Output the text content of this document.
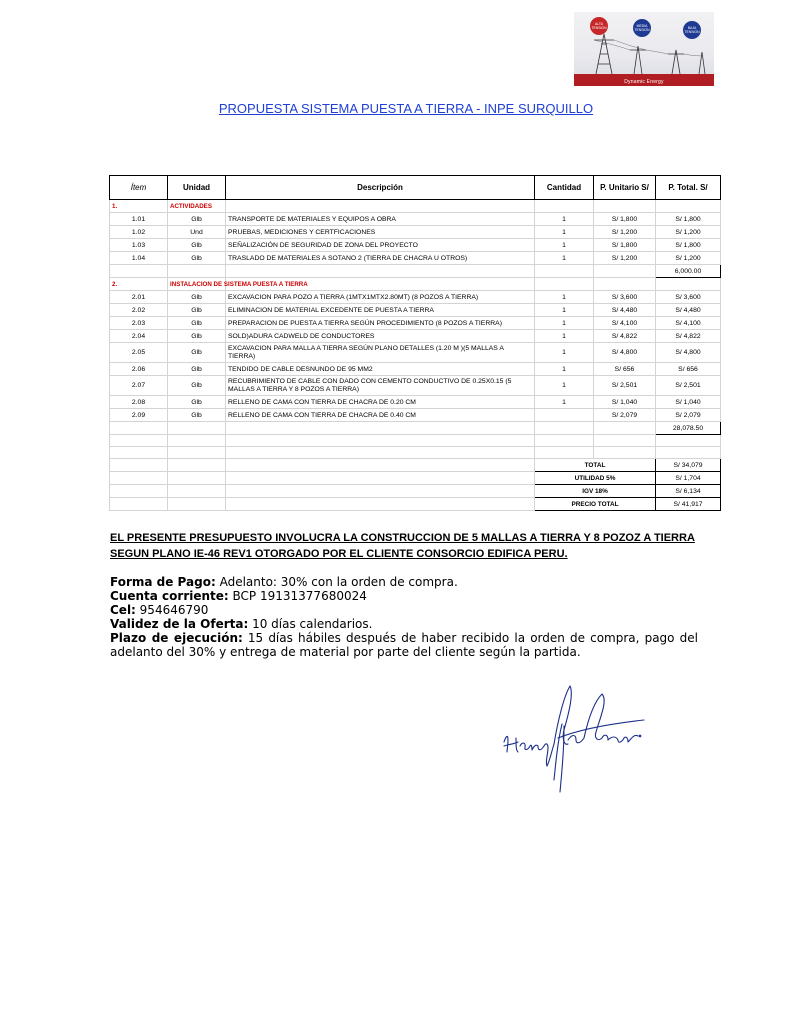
ALTA TENSION	MEDIA TENSION	BAJA TENSION
Dynamic Energy
PROPUESTA SISTEMA PUESTA A TIERRA - INPE SURQUILLO
Ítem	Unidad	Descripción	Cantidad	P. Unitario S/	P. Total. S/
1.	ACTIVIDADES				
1.01	Glb	TRANSPORTE DE MATERIALES Y EQUIPOS A OBRA	1	S/ 1,800	S/ 1,800
1.02	Und	PRUEBAS, MEDICIONES Y CERTFICACIONES	1	S/ 1,200	S/ 1,200
1.03	Glb	SEÑALIZACIÓN DE SEGURIDAD DE ZONA DEL PROYECTO	1	S/ 1,800	S/ 1,800
1.04	Glb	TRASLADO DE MATERIALES A SOTANO 2 (TIERRA DE CHACRA U OTROS)	1	S/ 1,200	S/ 1,200
					6,000.00
2.	INSTALACION DE SISTEMA PUESTA A TIERRA				
2.01	Glb	EXCAVACION PARA POZO A TIERRA (1MTX1MTX2.80MT) (8 POZOS A TIERRA)	1	S/ 3,600	S/ 3,600
2.02	Glb	ELIMINACION DE MATERIAL EXCEDENTE DE PUESTA A TIERRA	1	S/ 4,480	S/ 4,480
2.03	Glb	PREPARACION DE PUESTA A TIERRA SEGÚN PROCEDIMIENTO (8 POZOS A TIERRA)	1	S/ 4,100	S/ 4,100
2.04	Glb	SOLD)ADURA CADWELD DE CONDUCTORES	1	S/ 4,822	S/ 4,822
2.05	Glb	EXCAVACION PARA MALLA A TIERRA SEGÚN PLANO DETALLES (1.20 M )(5 MALLAS A TIERRA)	1	S/ 4,800	S/ 4,800
2.06	Glb	TENDIDO DE CABLE DESNUNDO DE 95 MM2	1	S/ 656	S/ 656
2.07	Glb	RECUBRIMIENTO DE CABLE CON DADO CON CEMENTO CONDUCTIVO DE 0.25X0.15 (5 MALLAS A TIERRA Y 8 POZOS A TIERRA)	1	S/ 2,501	S/ 2,501
2.08	Glb	RELLENO DE CAMA CON TIERRA DE CHACRA DE 0.20 CM	1	S/ 1,040	S/ 1,040
2.09	Glb	RELLENO DE CAMA CON TIERRA DE CHACRA DE 0.40 CM		S/ 2,079	S/ 2,079
					28,078.50

			TOTAL		S/ 34,079
			UTILIDAD 5%		S/ 1,704
			IGV 18%		S/ 6,134
			PRECIO TOTAL		S/ 41,917
EL PRESENTE PRESUPUESTO INVOLUCRA LA CONSTRUCCION DE 5 MALLAS A TIERRA Y 8 POZOZ A TIERRA
SEGUN PLANO IE-46 REV1 OTORGADO POR EL CLIENTE CONSORCIO EDIFICA PERU.
Forma de Pago: Adelanto: 30% con la orden de compra.
Cuenta corriente: BCP 19131377680024
Cel: 954646790
Validez de la Oferta: 10 días calendarios.
Plazo de ejecución: 15 días hábiles después de haber recibido la orden de compra, pago del adelanto del 30% y entrega de material por parte del cliente según la partida.
Henry de la Cruz V.
